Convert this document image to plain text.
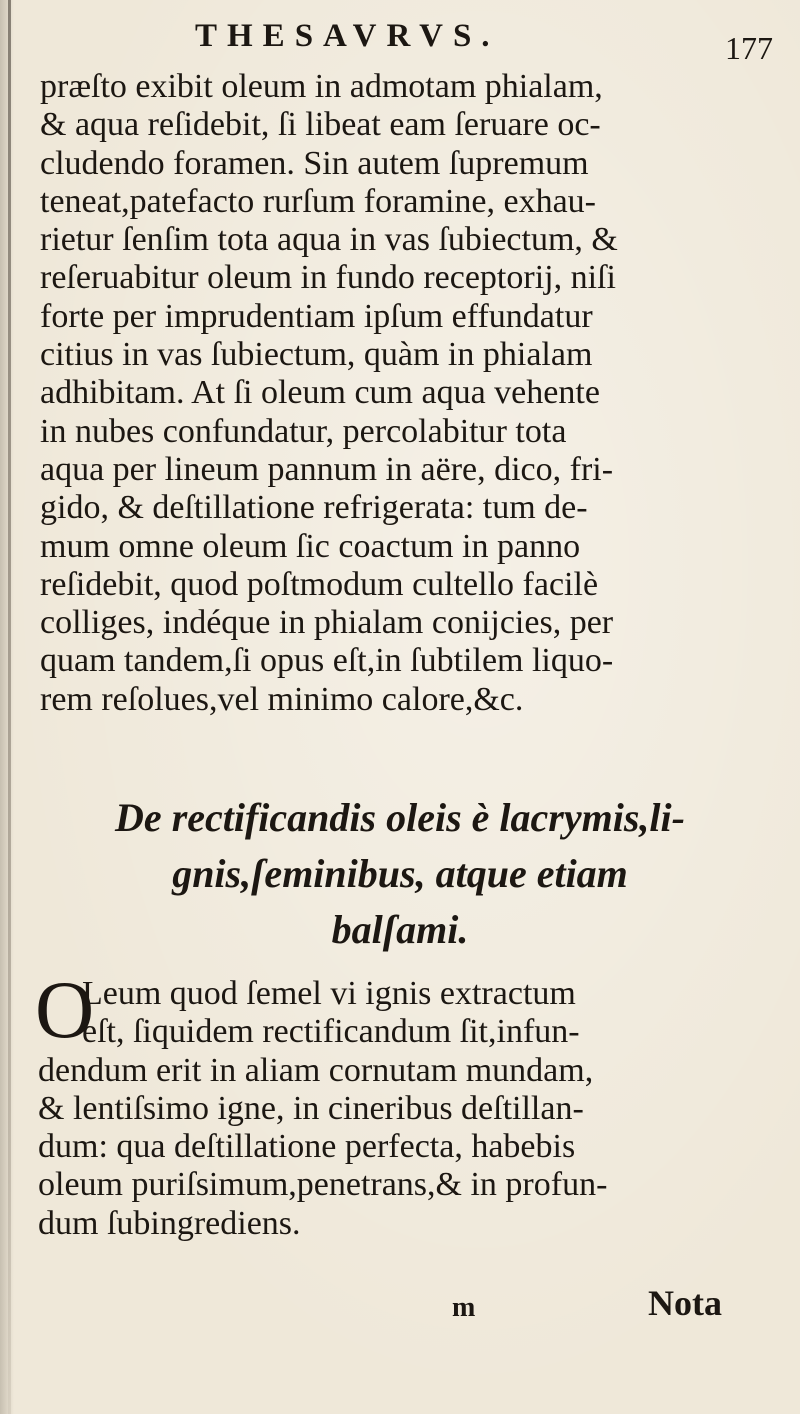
THESAVRVS.	177
præſto exibit oleum in admotam phialam,
& aqua reſidebit, ſi libeat eam ſeruare oc-
cludendo foramen. Sin autem ſupremum
teneat,patefacto rurſum foramine, exhau-
rietur ſenſim tota aqua in vas ſubiectum, &
reſeruabitur oleum in fundo receptorij, niſi
forte per imprudentiam ipſum effundatur
citius in vas ſubiectum, quàm in phialam
adhibitam. At ſi oleum cum aqua vehente
in nubes confundatur, percolabitur tota
aqua per lineum pannum in aëre, dico, fri-
gido, & deſtillatione refrigerata: tum de-
mum omne oleum ſic coactum in panno
reſidebit, quod poſtmodum cultello facilè
colliges, indéque in phialam conijcies, per
quam tandem,ſi opus eſt,in ſubtilem liquo-
rem reſolues,vel minimo calore,&c.
De rectificandis oleis è lacrymis,li-
gnis,ſeminibus, atque etiam
balſami.
O
Leum quod ſemel vi ignis extractum
eſt, ſiquidem rectificandum ſit,infun-
dendum erit in aliam cornutam mundam,
& lentiſsimo igne, in cineribus deſtillan-
dum: qua deſtillatione perfecta, habebis
oleum puriſsimum,penetrans,& in profun-
dum ſubingrediens.
m	Nota
